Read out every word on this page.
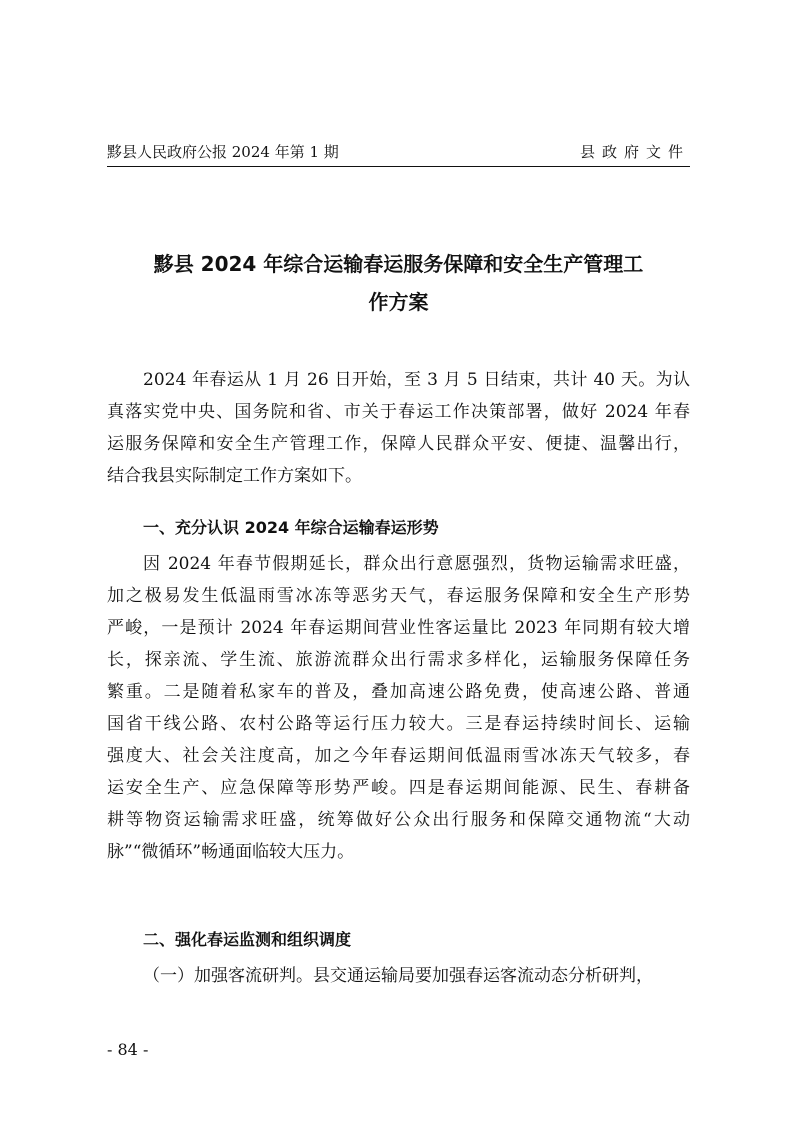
黟县人民政府公报 2024 年第 1 期	县政府文件
黟县 2024 年综合运输春运服务保障和安全生产管理工
作方案
2024 年春运从 1 月 26 日开始，至 3 月 5 日结束，共计 40 天。为认
真落实党中央、国务院和省、市关于春运工作决策部署，做好 2024 年春
运服务保障和安全生产管理工作，保障人民群众平安、便捷、温馨出行，
结合我县实际制定工作方案如下。
一、充分认识 2024 年综合运输春运形势
因 2024 年春节假期延长，群众出行意愿强烈，货物运输需求旺盛，
加之极易发生低温雨雪冰冻等恶劣天气，春运服务保障和安全生产形势
严峻，一是预计 2024 年春运期间营业性客运量比 2023 年同期有较大增
长，探亲流、学生流、旅游流群众出行需求多样化，运输服务保障任务
繁重。二是随着私家车的普及，叠加高速公路免费，使高速公路、普通
国省干线公路、农村公路等运行压力较大。三是春运持续时间长、运输
强度大、社会关注度高，加之今年春运期间低温雨雪冰冻天气较多，春
运安全生产、应急保障等形势严峻。四是春运期间能源、民生、春耕备
耕等物资运输需求旺盛，统筹做好公众出行服务和保障交通物流“大动
脉”“微循环”畅通面临较大压力。
二、强化春运监测和组织调度
（一）加强客流研判。县交通运输局要加强春运客流动态分析研判，
- 84 -
